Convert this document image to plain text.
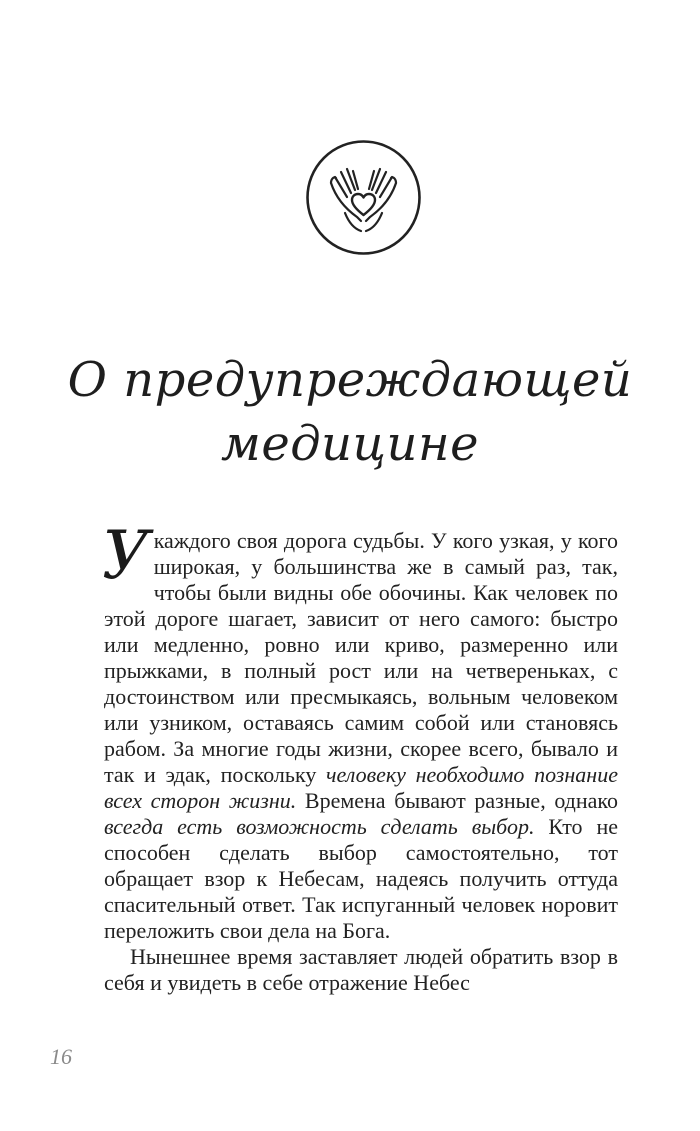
О предупреждающей
медицине

Укаждого своя дорога судьбы. У кого узкая, у кого широкая, у большинства же в самый раз, так, чтобы были видны обе обочины. Как человек по этой дороге шагает, зависит от него самого: быстро или медленно, ровно или криво, размеренно или прыжками, в полный рост или на четвереньках, с достоинством или пресмыкаясь, вольным человеком или узником, оставаясь самим собой или становясь рабом. За многие годы жизни, скорее всего, бывало и так и эдак, поскольку человеку необходимо познание всех сторон жизни. Времена бывают разные, однако всегда есть возможность сделать выбор. Кто не способен сделать выбор самостоятельно, тот обращает взор к Небесам, надеясь получить оттуда спасительный ответ. Так испуганный человек норовит переложить свои дела на Бога.

Нынешнее время заставляет людей обратить взор в себя и увидеть в себе отражение Небес

16
